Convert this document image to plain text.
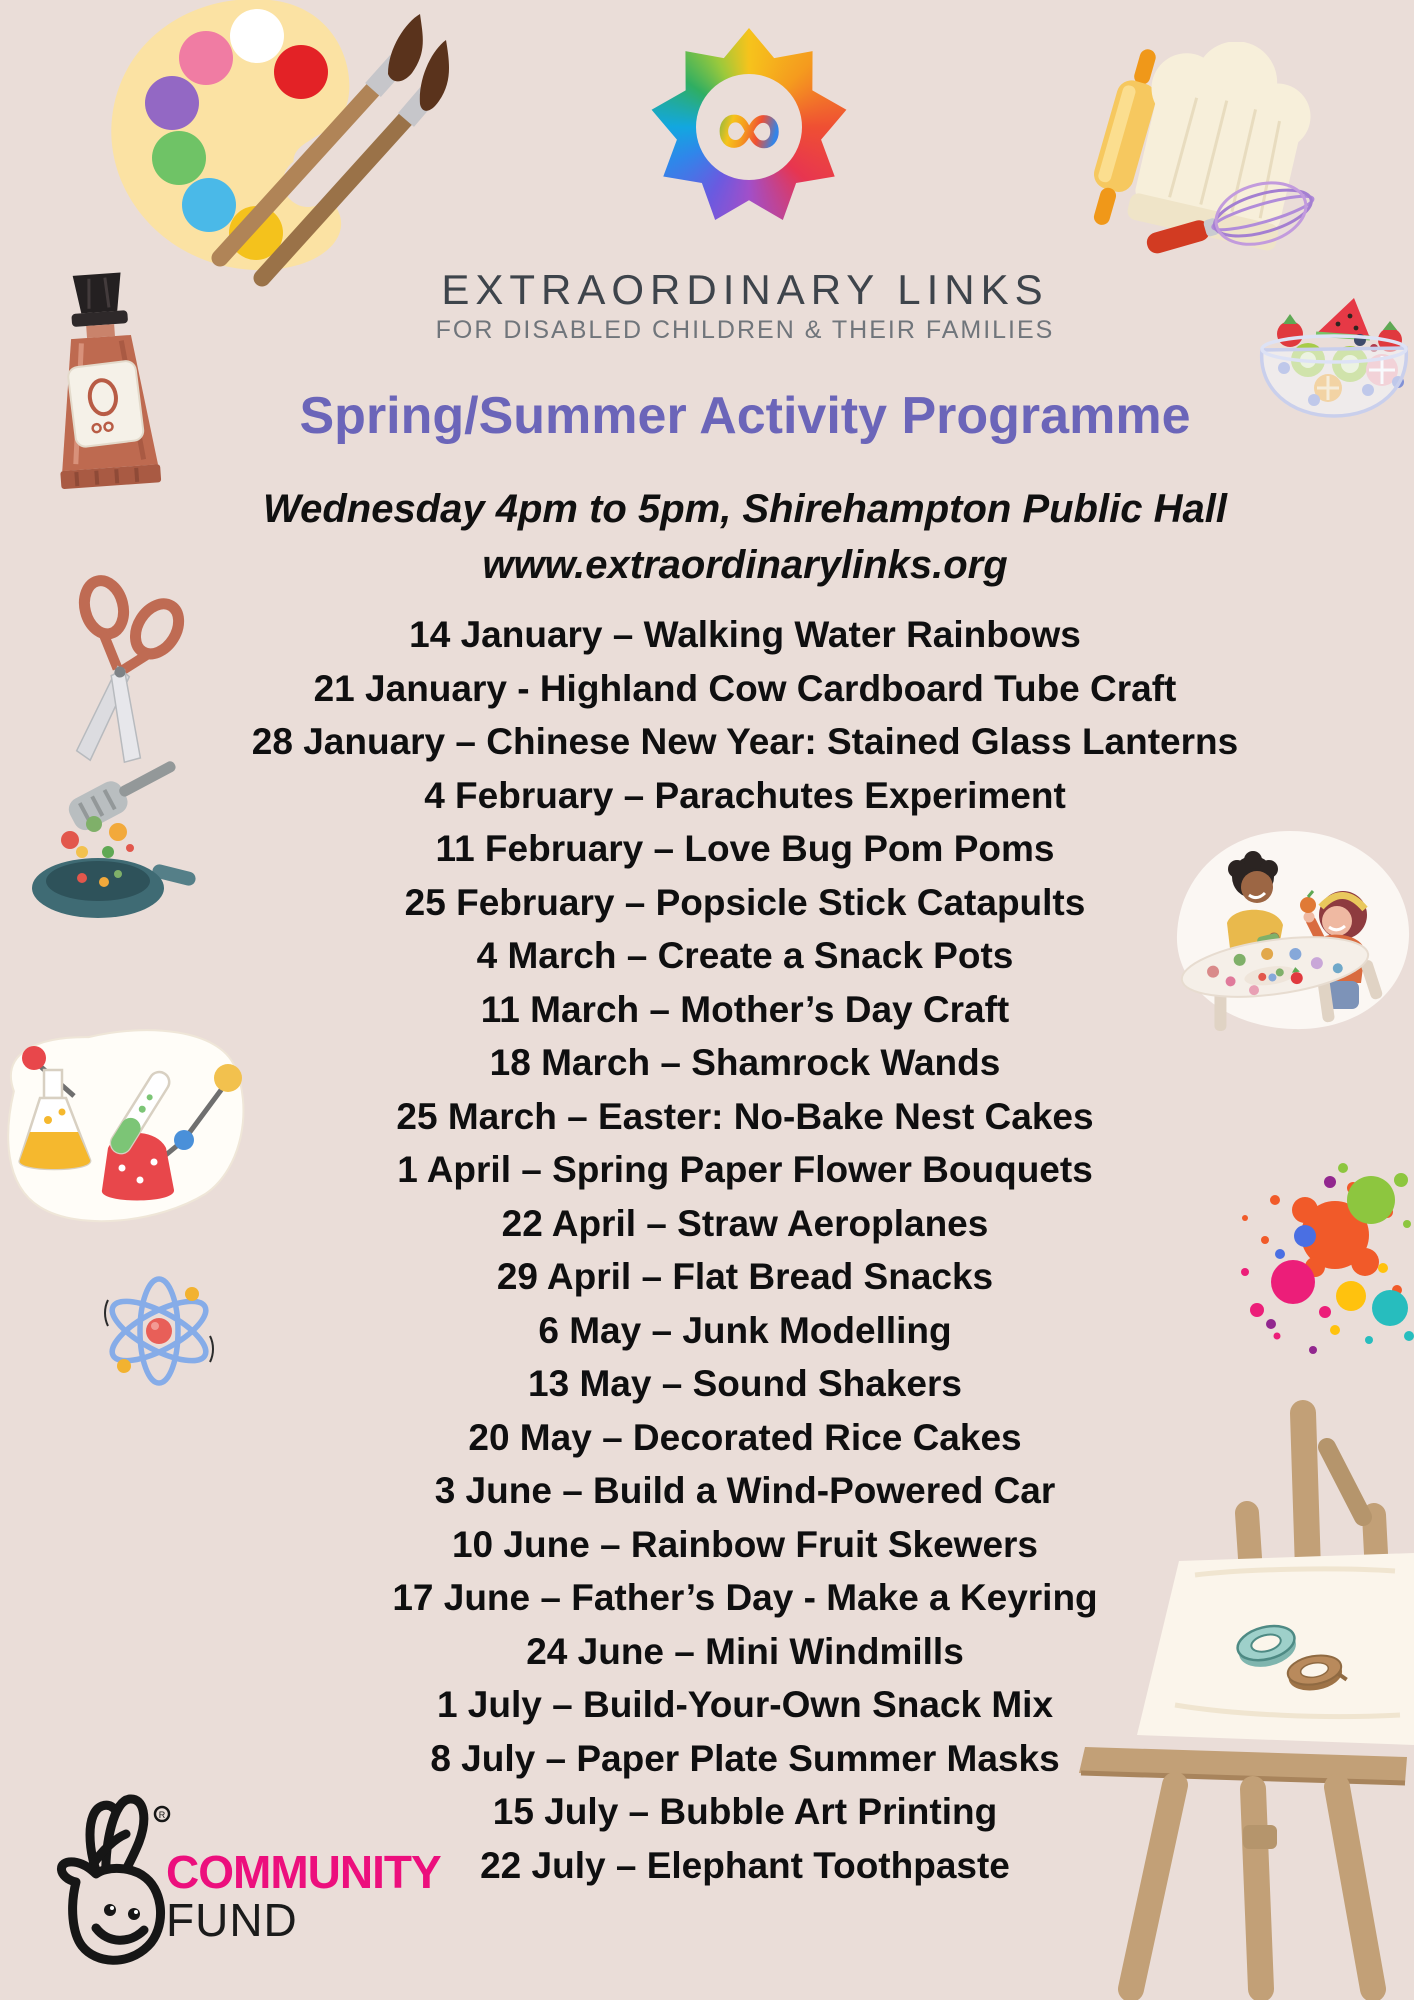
∞
R
EXTRAORDINARY LINKS
FOR DISABLED CHILDREN & THEIR FAMILIES
Spring/Summer Activity Programme
Wednesday 4pm to 5pm, Shirehampton Public Hall
www.extraordinarylinks.org
14 January – Walking Water Rainbows
21 January - Highland Cow Cardboard Tube Craft
28 January – Chinese New Year: Stained Glass Lanterns
4 February – Parachutes Experiment
11 February – Love Bug Pom Poms
25 February – Popsicle Stick Catapults
4 March – Create a Snack Pots
11 March – Mother’s Day Craft
18 March – Shamrock Wands
25 March – Easter: No-Bake Nest Cakes
1 April – Spring Paper Flower Bouquets
22 April – Straw Aeroplanes
29 April – Flat Bread Snacks
6 May – Junk Modelling
13 May – Sound Shakers
20 May – Decorated Rice Cakes
3 June – Build a Wind-Powered Car
10 June – Rainbow Fruit Skewers
17 June – Father’s Day - Make a Keyring
24 June – Mini Windmills
1 July – Build-Your-Own Snack Mix
8 July – Paper Plate Summer Masks
15 July – Bubble Art Printing
22 July – Elephant Toothpaste
COMMUNITY
FUND
